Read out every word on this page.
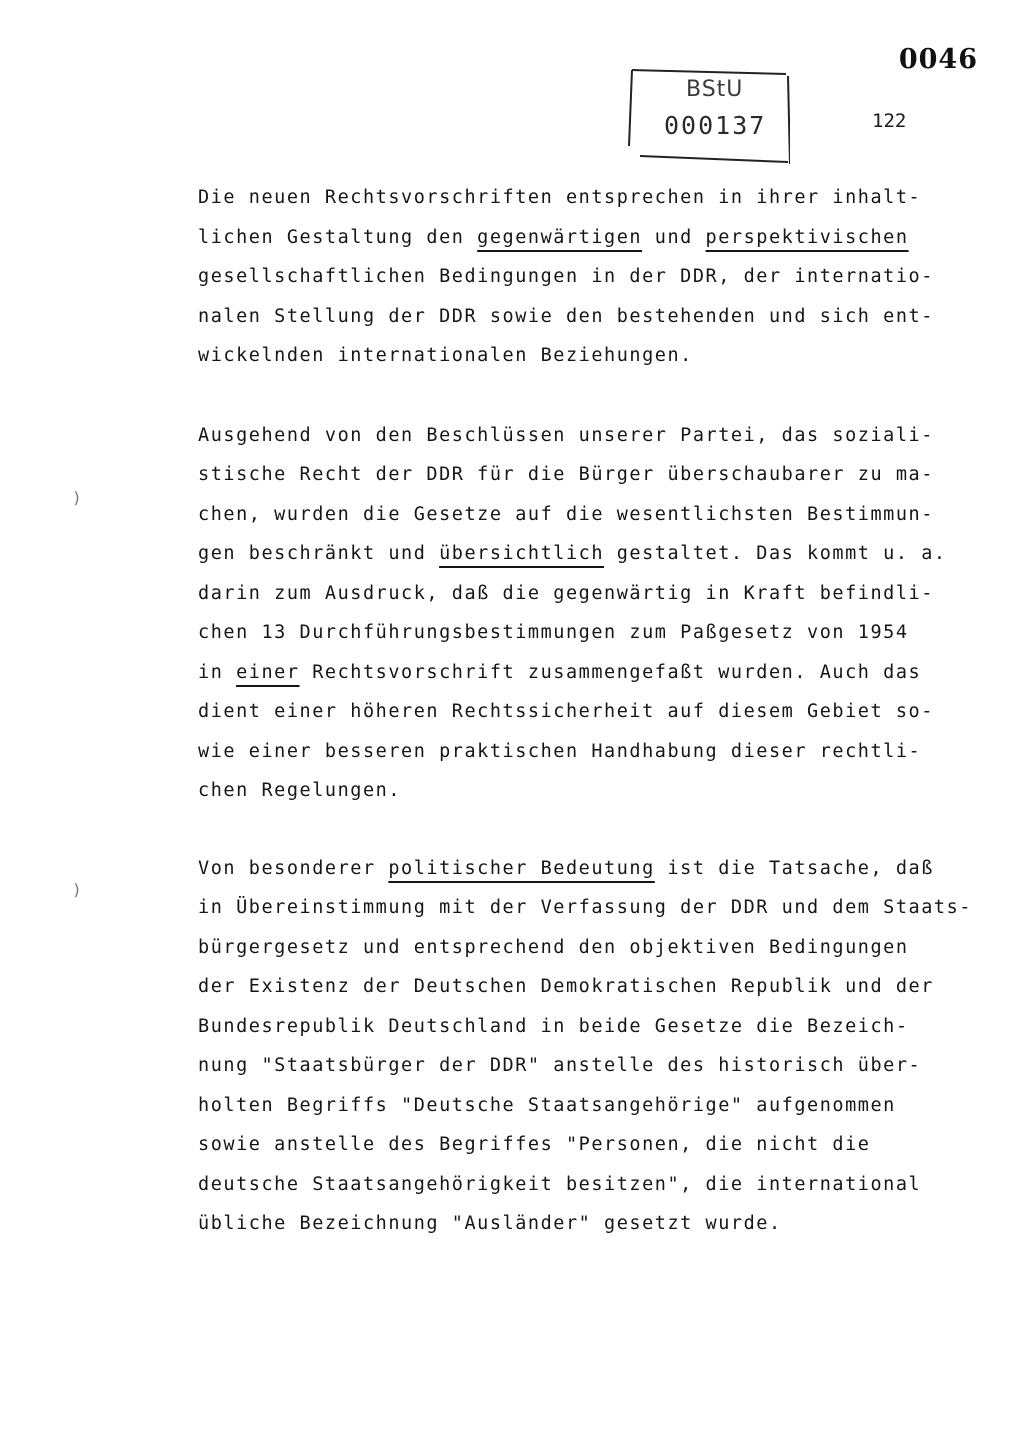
0046
BStU
000137	122
Die neuen Rechtsvorschriften entsprechen in ihrer inhalt-
lichen Gestaltung den gegenwärtigen und perspektivischen
gesellschaftlichen Bedingungen in der DDR, der internatio-
nalen Stellung der DDR sowie den bestehenden und sich ent-
wickelnden internationalen Beziehungen.
Ausgehend von den Beschlüssen unserer Partei, das soziali-
stische Recht der DDR für die Bürger überschaubarer zu ma-
chen, wurden die Gesetze auf die wesentlichsten Bestimmun-
gen beschränkt und übersichtlich gestaltet. Das kommt u. a.
darin zum Ausdruck, daß die gegenwärtig in Kraft befindli-
chen 13 Durchführungsbestimmungen zum Paßgesetz von 1954
in einer Rechtsvorschrift zusammengefaßt wurden. Auch das
dient einer höheren Rechtssicherheit auf diesem Gebiet so-
wie einer besseren praktischen Handhabung dieser rechtli-
chen Regelungen.
Von besonderer politischer Bedeutung ist die Tatsache, daß
in Übereinstimmung mit der Verfassung der DDR und dem Staats-
bürgergesetz und entsprechend den objektiven Bedingungen
der Existenz der Deutschen Demokratischen Republik und der
Bundesrepublik Deutschland in beide Gesetze die Bezeich-
nung "Staatsbürger der DDR" anstelle des historisch über-
holten Begriffs "Deutsche Staatsangehörige" aufgenommen
sowie anstelle des Begriffes "Personen, die nicht die
deutsche Staatsangehörigkeit besitzen", die international
übliche Bezeichnung "Ausländer" gesetzt wurde.
)
)
